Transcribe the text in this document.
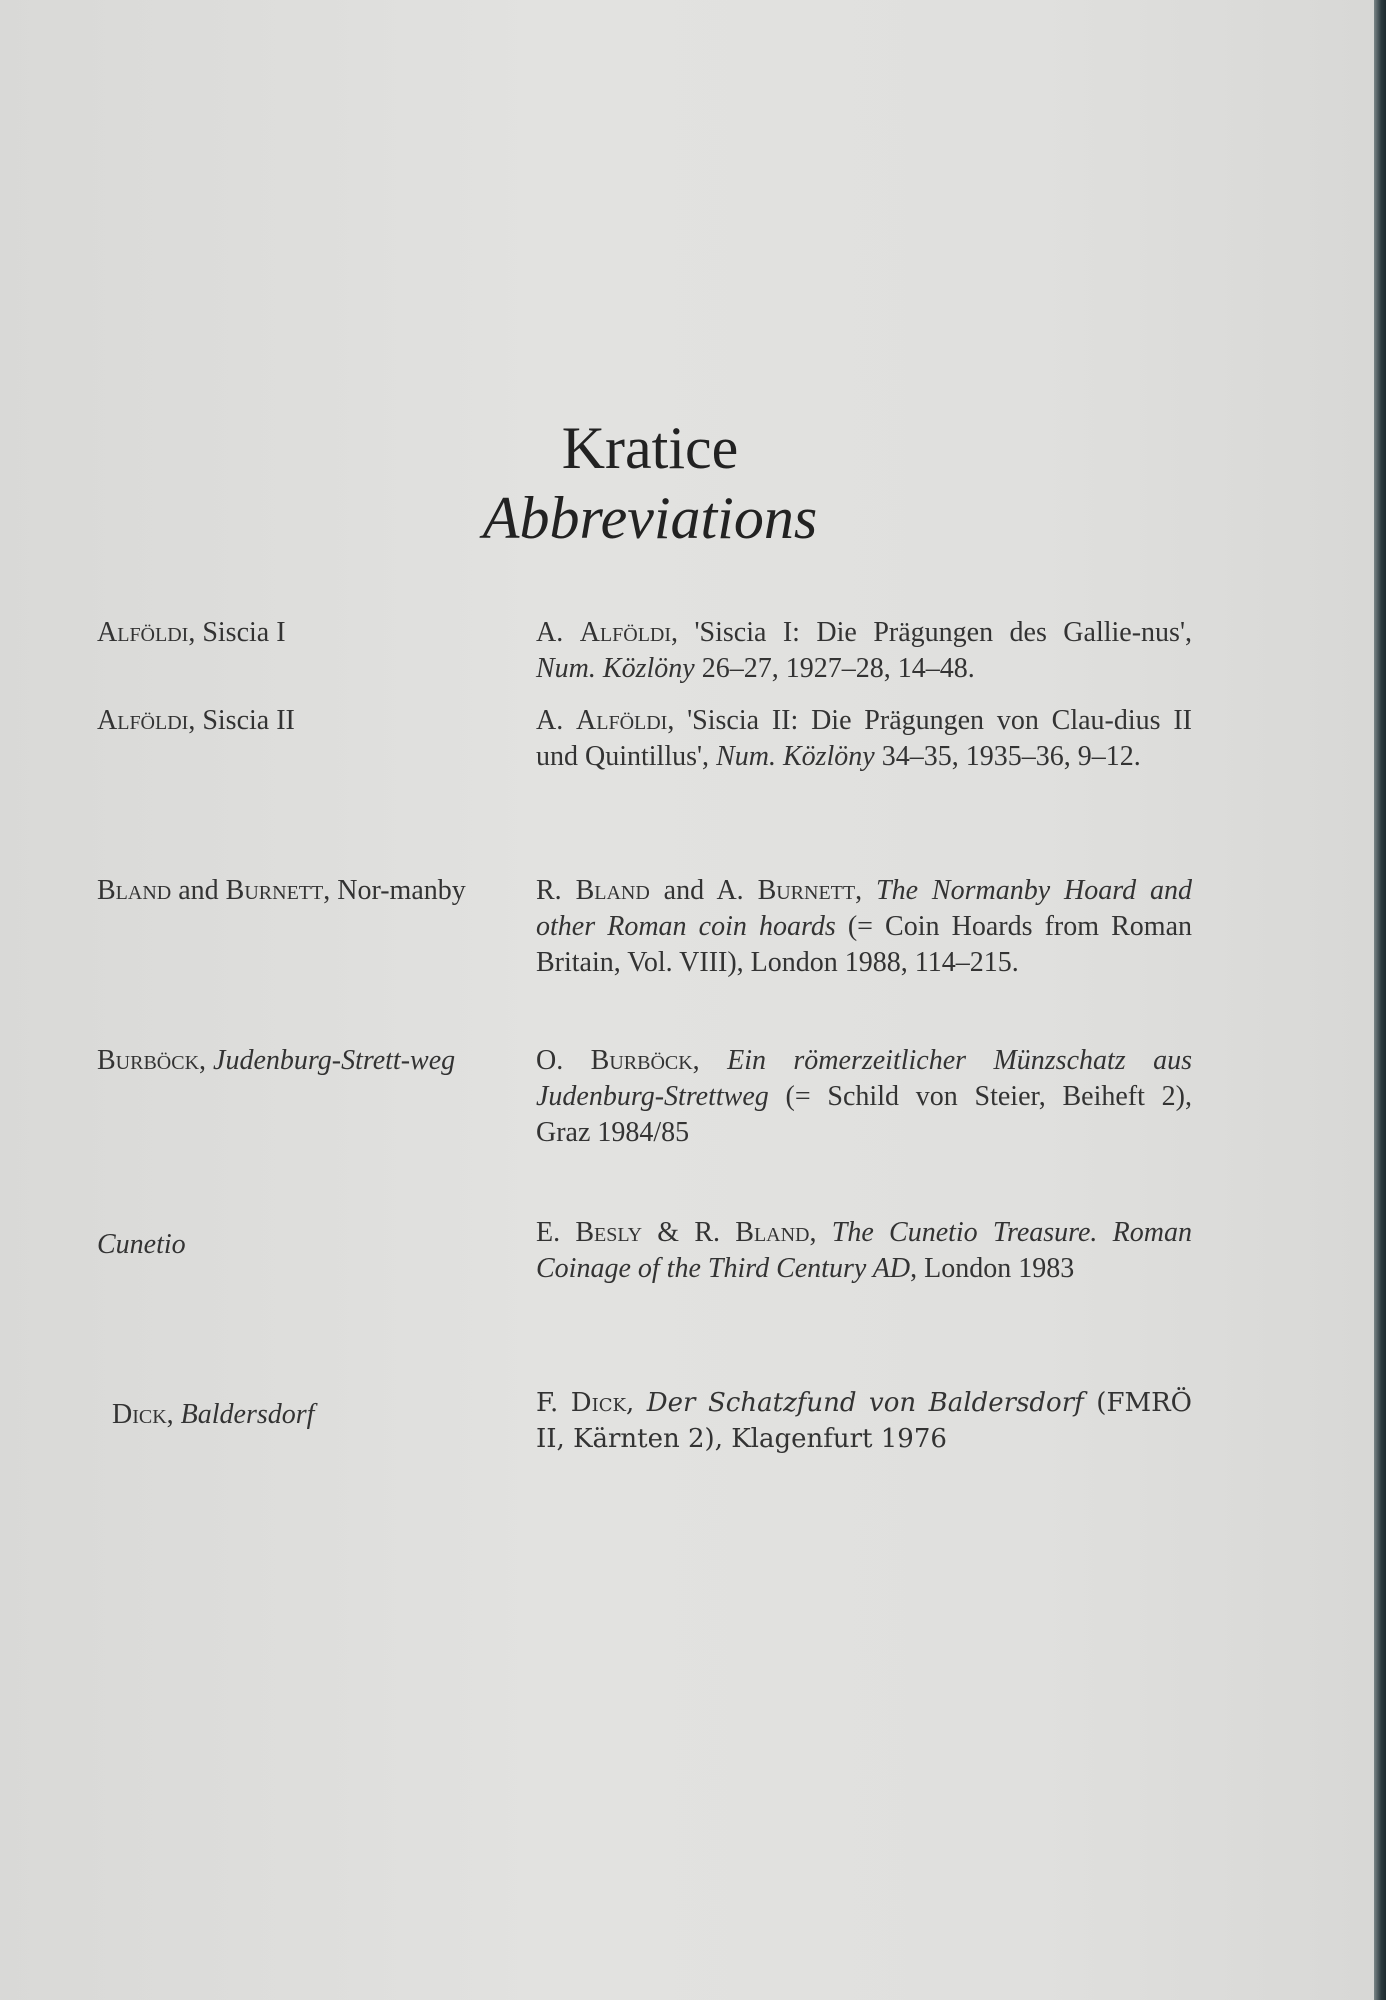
Kratice
Abbreviations
Alföldi, Siscia I	A. Alföldi, 'Siscia I: Die Prägungen des Gallie-nus', Num. Közlöny 26–27, 1927–28, 14–48.
Alföldi, Siscia II	A. Alföldi, 'Siscia II: Die Prägungen von Clau-dius II und Quintillus', Num. Közlöny 34–35, 1935–36, 9–12.
Bland and Burnett, Nor-manby	R. Bland and A. Burnett, The Normanby Hoard and other Roman coin hoards (= Coin Hoards from Roman Britain, Vol. VIII), London 1988, 114–215.
Burböck, Judenburg-Strett-weg	O. Burböck, Ein römerzeitlicher Münzschatz aus Judenburg-Strettweg (= Schild von Steier, Beiheft 2), Graz 1984/85
Cunetio	E. Besly & R. Bland, The Cunetio Treasure. Roman Coinage of the Third Century AD, London 1983
Dick, Baldersdorf	F. Dick, Der Schatzfund von Baldersdorf (FMRÖ II, Kärnten 2), Klagenfurt 1976
